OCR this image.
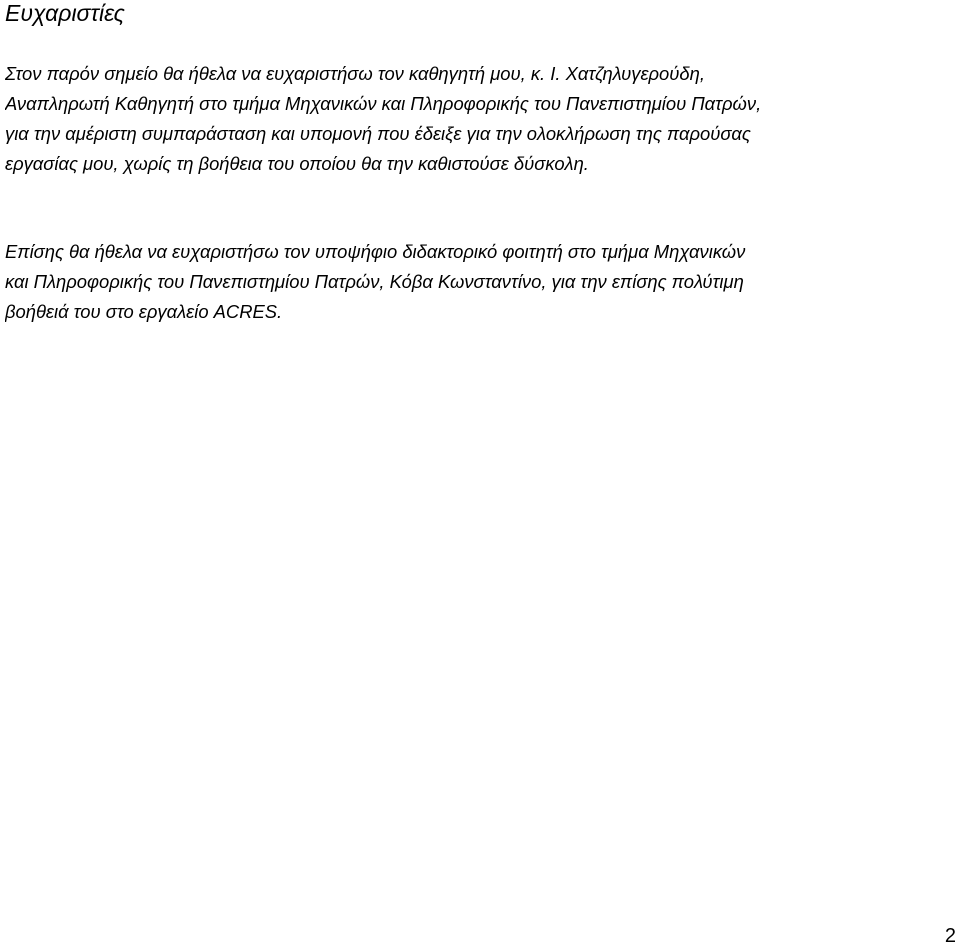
Ευχαριστίες

Στον παρόν σημείο θα ήθελα να ευχαριστήσω τον καθηγητή μου, κ. Ι. Χατζηλυγερούδη,
Αναπληρωτή Καθηγητή στο τμήμα Μηχανικών και Πληροφορικής του Πανεπιστημίου Πατρών,
για την αμέριστη συμπαράσταση και υπομονή που έδειξε για την ολοκλήρωση της παρούσας
εργασίας μου, χωρίς τη βοήθεια του οποίου θα την καθιστούσε δύσκολη.

Επίσης θα ήθελα να ευχαριστήσω τον υποψήφιο διδακτορικό φοιτητή στο τμήμα Μηχανικών
και Πληροφορικής του Πανεπιστημίου Πατρών, Κόβα Κωνσταντίνο, για την επίσης πολύτιμη
βοήθειά του στο εργαλείο ACRES.

2
